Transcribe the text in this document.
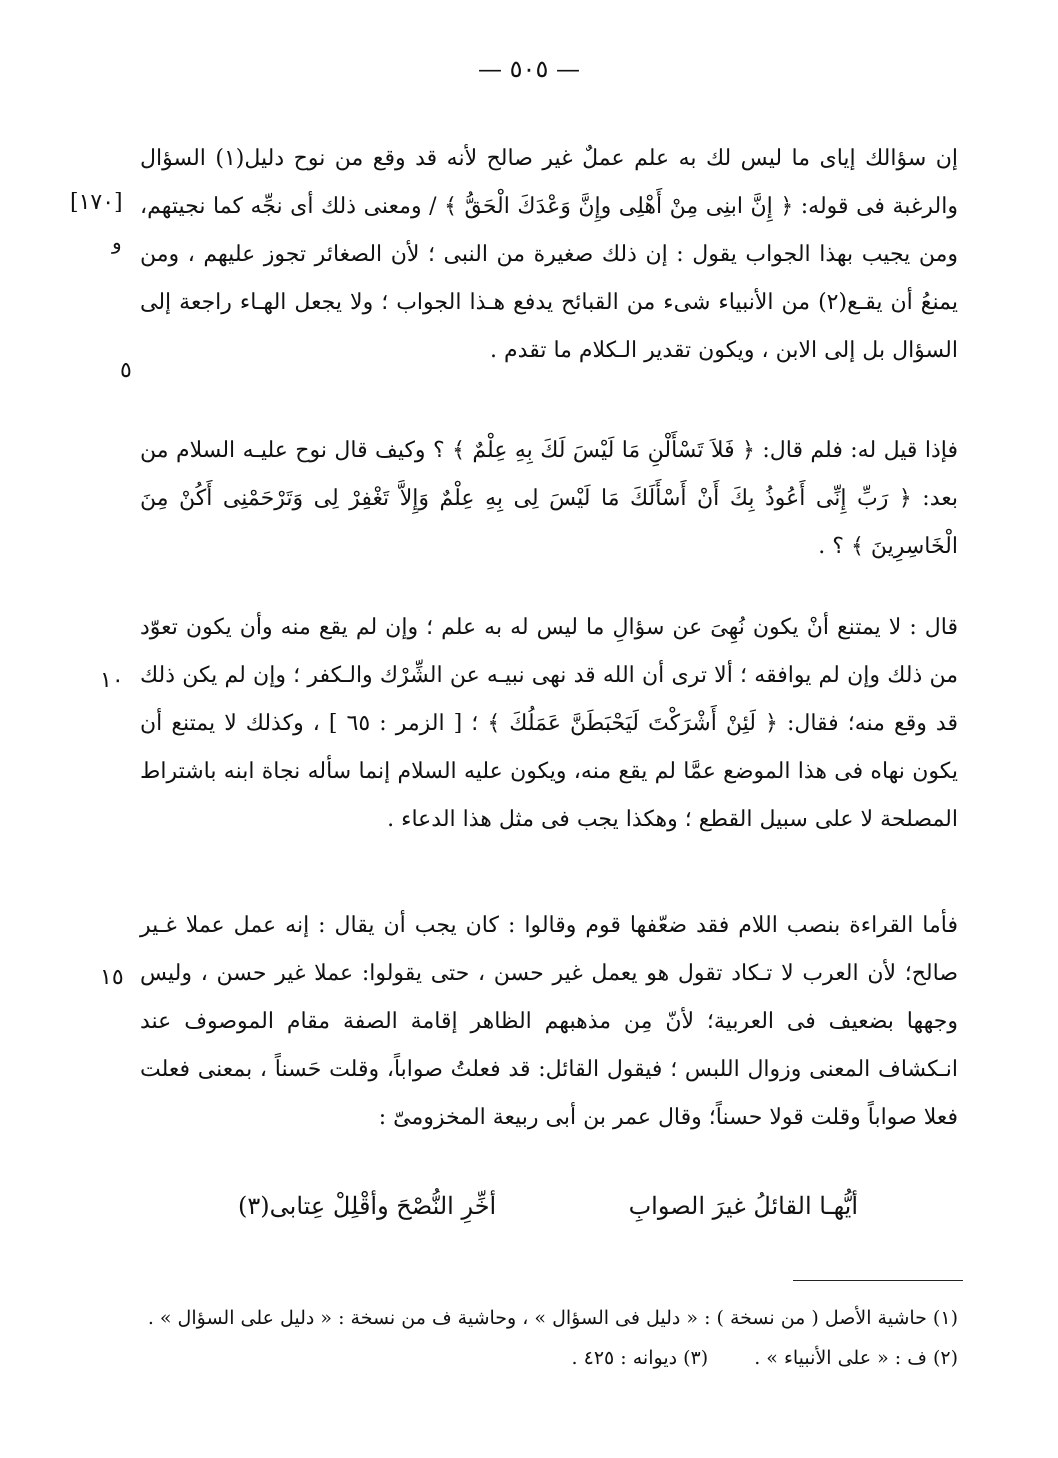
— ٥٠٥ —
[١٧٠]
و
٥
١٠
١٥
إن سؤالك إياى ما ليس لك به علم عملٌ غير صالح لأنه قد وقع من نوح دليل(١) السؤال والرغبة فى قوله: ﴿ إِنَّ ابنِى مِنْ أَهْلِى وإِنَّ وَعْدَكَ الْحَقُّ ﴾ / ومعنى ذلك أى نجِّه كما نجيتهم، ومن يجيب بهذا الجواب يقول : إن ذلك صغيرة من النبى ؛ لأن الصغائر تجوز عليهم ، ومن يمنعُ أن يقـع(٢) من الأنبياء شىء من القبائح يدفع هـذا الجواب ؛ ولا يجعل الهـاء راجعة إلى السؤال بل إلى الابن ، ويكون تقدير الـكلام ما تقدم .
فإذا قيل له: فلم قال: ﴿ فَلاَ تَسْأَلْنِ مَا لَيْسَ لَكَ بِهِ عِلْمٌ ﴾ ؟ وكيف قال نوح عليـه السلام من بعد: ﴿ رَبِّ إِنِّى أَعُوذُ بِكَ أَنْ أَسْأَلَكَ مَا لَيْسَ لِى بِهِ عِلْمٌ وَإِلاَّ تَغْفِرْ لِى وَتَرْحَمْنِى أَكُنْ مِنَ الْخَاسِرِينَ ﴾ ؟ .
قال : لا يمتنع أنْ يكون نُهِىَ عن سؤالِ ما ليس له به علم ؛ وإن لم يقع منه وأن يكون تعوّد من ذلك وإن لم يوافقه ؛ ألا ترى أن الله قد نهى نبيـه عن الشِّرْك والـكفر ؛ وإن لم يكن ذلك قد وقع منه؛ فقال: ﴿ لَئِنْ أَشْرَكْتَ لَيَحْبَطَنَّ عَمَلُكَ ﴾ ؛ [ الزمر : ٦٥ ] ، وكذلك لا يمتنع أن يكون نهاه فى هذا الموضع عمَّا لم يقع منه، ويكون عليه السلام إنما سأله نجاة ابنه باشتراط المصلحة لا على سبيل القطع ؛ وهكذا يجب فى مثل هذا الدعاء .
فأما القراءة بنصب اللام فقد ضعّفها قوم وقالوا : كان يجب أن يقال : إنه عمل عملا غـير صالح؛ لأن العرب لا تـكاد تقول هو يعمل غير حسن ، حتى يقولوا: عملا غير حسن ، وليس وجهها بضعيف فى العربية؛ لأنّ مِن مذهبهم الظاهر إقامة الصفة مقام الموصوف عند انـكشاف المعنى وزوال اللبس ؛ فيقول القائل: قد فعلتُ صواباً، وقلت حَسناً ، بمعنى فعلت فعلا صواباً وقلت قولا حسناً؛ وقال عمر بن أبى ربيعة المخزومىّ :
أيُّهـا القائلُ غيرَ الصوابِ
أخِّرِ النُّصْحَ وأقْلِلْ عِتابى(٣)
(١) حاشية الأصل ( من نسخة ) : « دليل فى السؤال » ، وحاشية ف من نسخة : « دليل على السؤال » .
(٢) ف : « على الأنبياء » . (٣) ديوانه : ٤٢٥ .
